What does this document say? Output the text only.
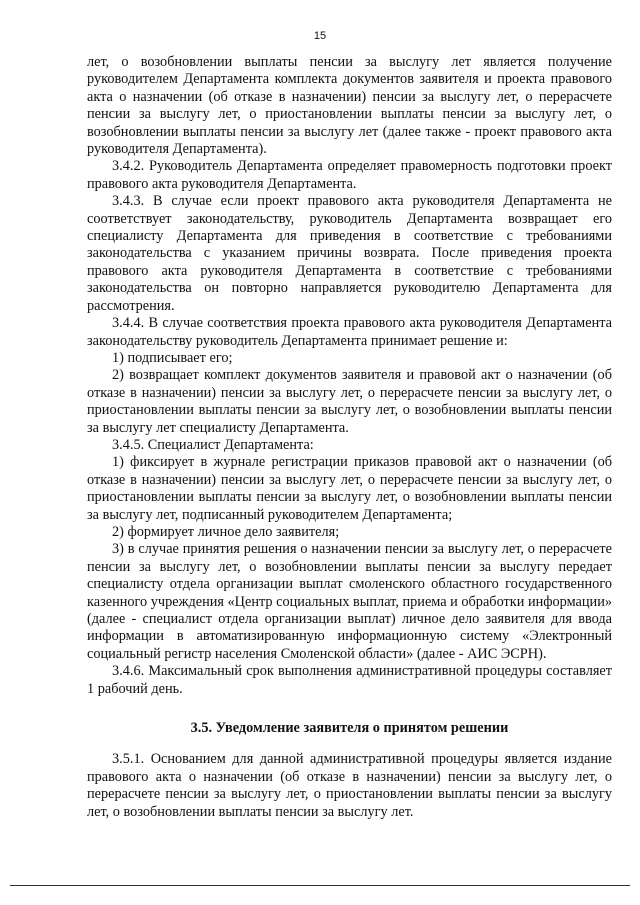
15

лет, о возобновлении выплаты пенсии за выслугу лет является получение руководителем Департамента комплекта документов заявителя и проекта правового акта о назначении (об отказе в назначении) пенсии за выслугу лет, о перерасчете пенсии за выслугу лет, о приостановлении выплаты пенсии за выслугу лет, о возобновлении выплаты пенсии за выслугу лет (далее также - проект правового акта руководителя Департамента).

3.4.2. Руководитель Департамента определяет правомерность подготовки проект правового акта руководителя Департамента.

3.4.3. В случае если проект правового акта руководителя Департамента не соответствует законодательству, руководитель Департамента возвращает его специалисту Департамента для приведения в соответствие с требованиями законодательства с указанием причины возврата. После приведения проекта правового акта руководителя Департамента в соответствие с требованиями законодательства он повторно направляется руководителю Департамента для рассмотрения.

3.4.4. В случае соответствия проекта правового акта руководителя Департамента законодательству руководитель Департамента принимает решение и:

1) подписывает его;

2) возвращает комплект документов заявителя и правовой акт о назначении (об отказе в назначении) пенсии за выслугу лет, о перерасчете пенсии за выслугу лет, о приостановлении выплаты пенсии за выслугу лет, о возобновлении выплаты пенсии за выслугу лет специалисту Департамента.

3.4.5. Специалист Департамента:

1) фиксирует в журнале регистрации приказов правовой акт о назначении (об отказе в назначении) пенсии за выслугу лет, о перерасчете пенсии за выслугу лет, о приостановлении выплаты пенсии за выслугу лет, о возобновлении выплаты пенсии за выслугу лет, подписанный руководителем Департамента;

2) формирует личное дело заявителя;

3) в случае принятия решения о назначении пенсии за выслугу лет, о перерасчете пенсии за выслугу лет, о возобновлении выплаты пенсии за выслугу передает специалисту отдела организации выплат смоленского областного государственного казенного учреждения «Центр социальных выплат, приема и обработки информации» (далее - специалист отдела организации выплат) личное дело заявителя для ввода информации в автоматизированную информационную систему «Электронный социальный регистр населения Смоленской области» (далее - АИС ЭСРН).

3.4.6. Максимальный срок выполнения административной процедуры составляет 1 рабочий день.

3.5. Уведомление заявителя о принятом решении

3.5.1. Основанием для данной административной процедуры является издание правового акта о назначении (об отказе в назначении) пенсии за выслугу лет, о перерасчете пенсии за выслугу лет, о приостановлении выплаты пенсии за выслугу лет, о возобновлении выплаты пенсии за выслугу лет.
